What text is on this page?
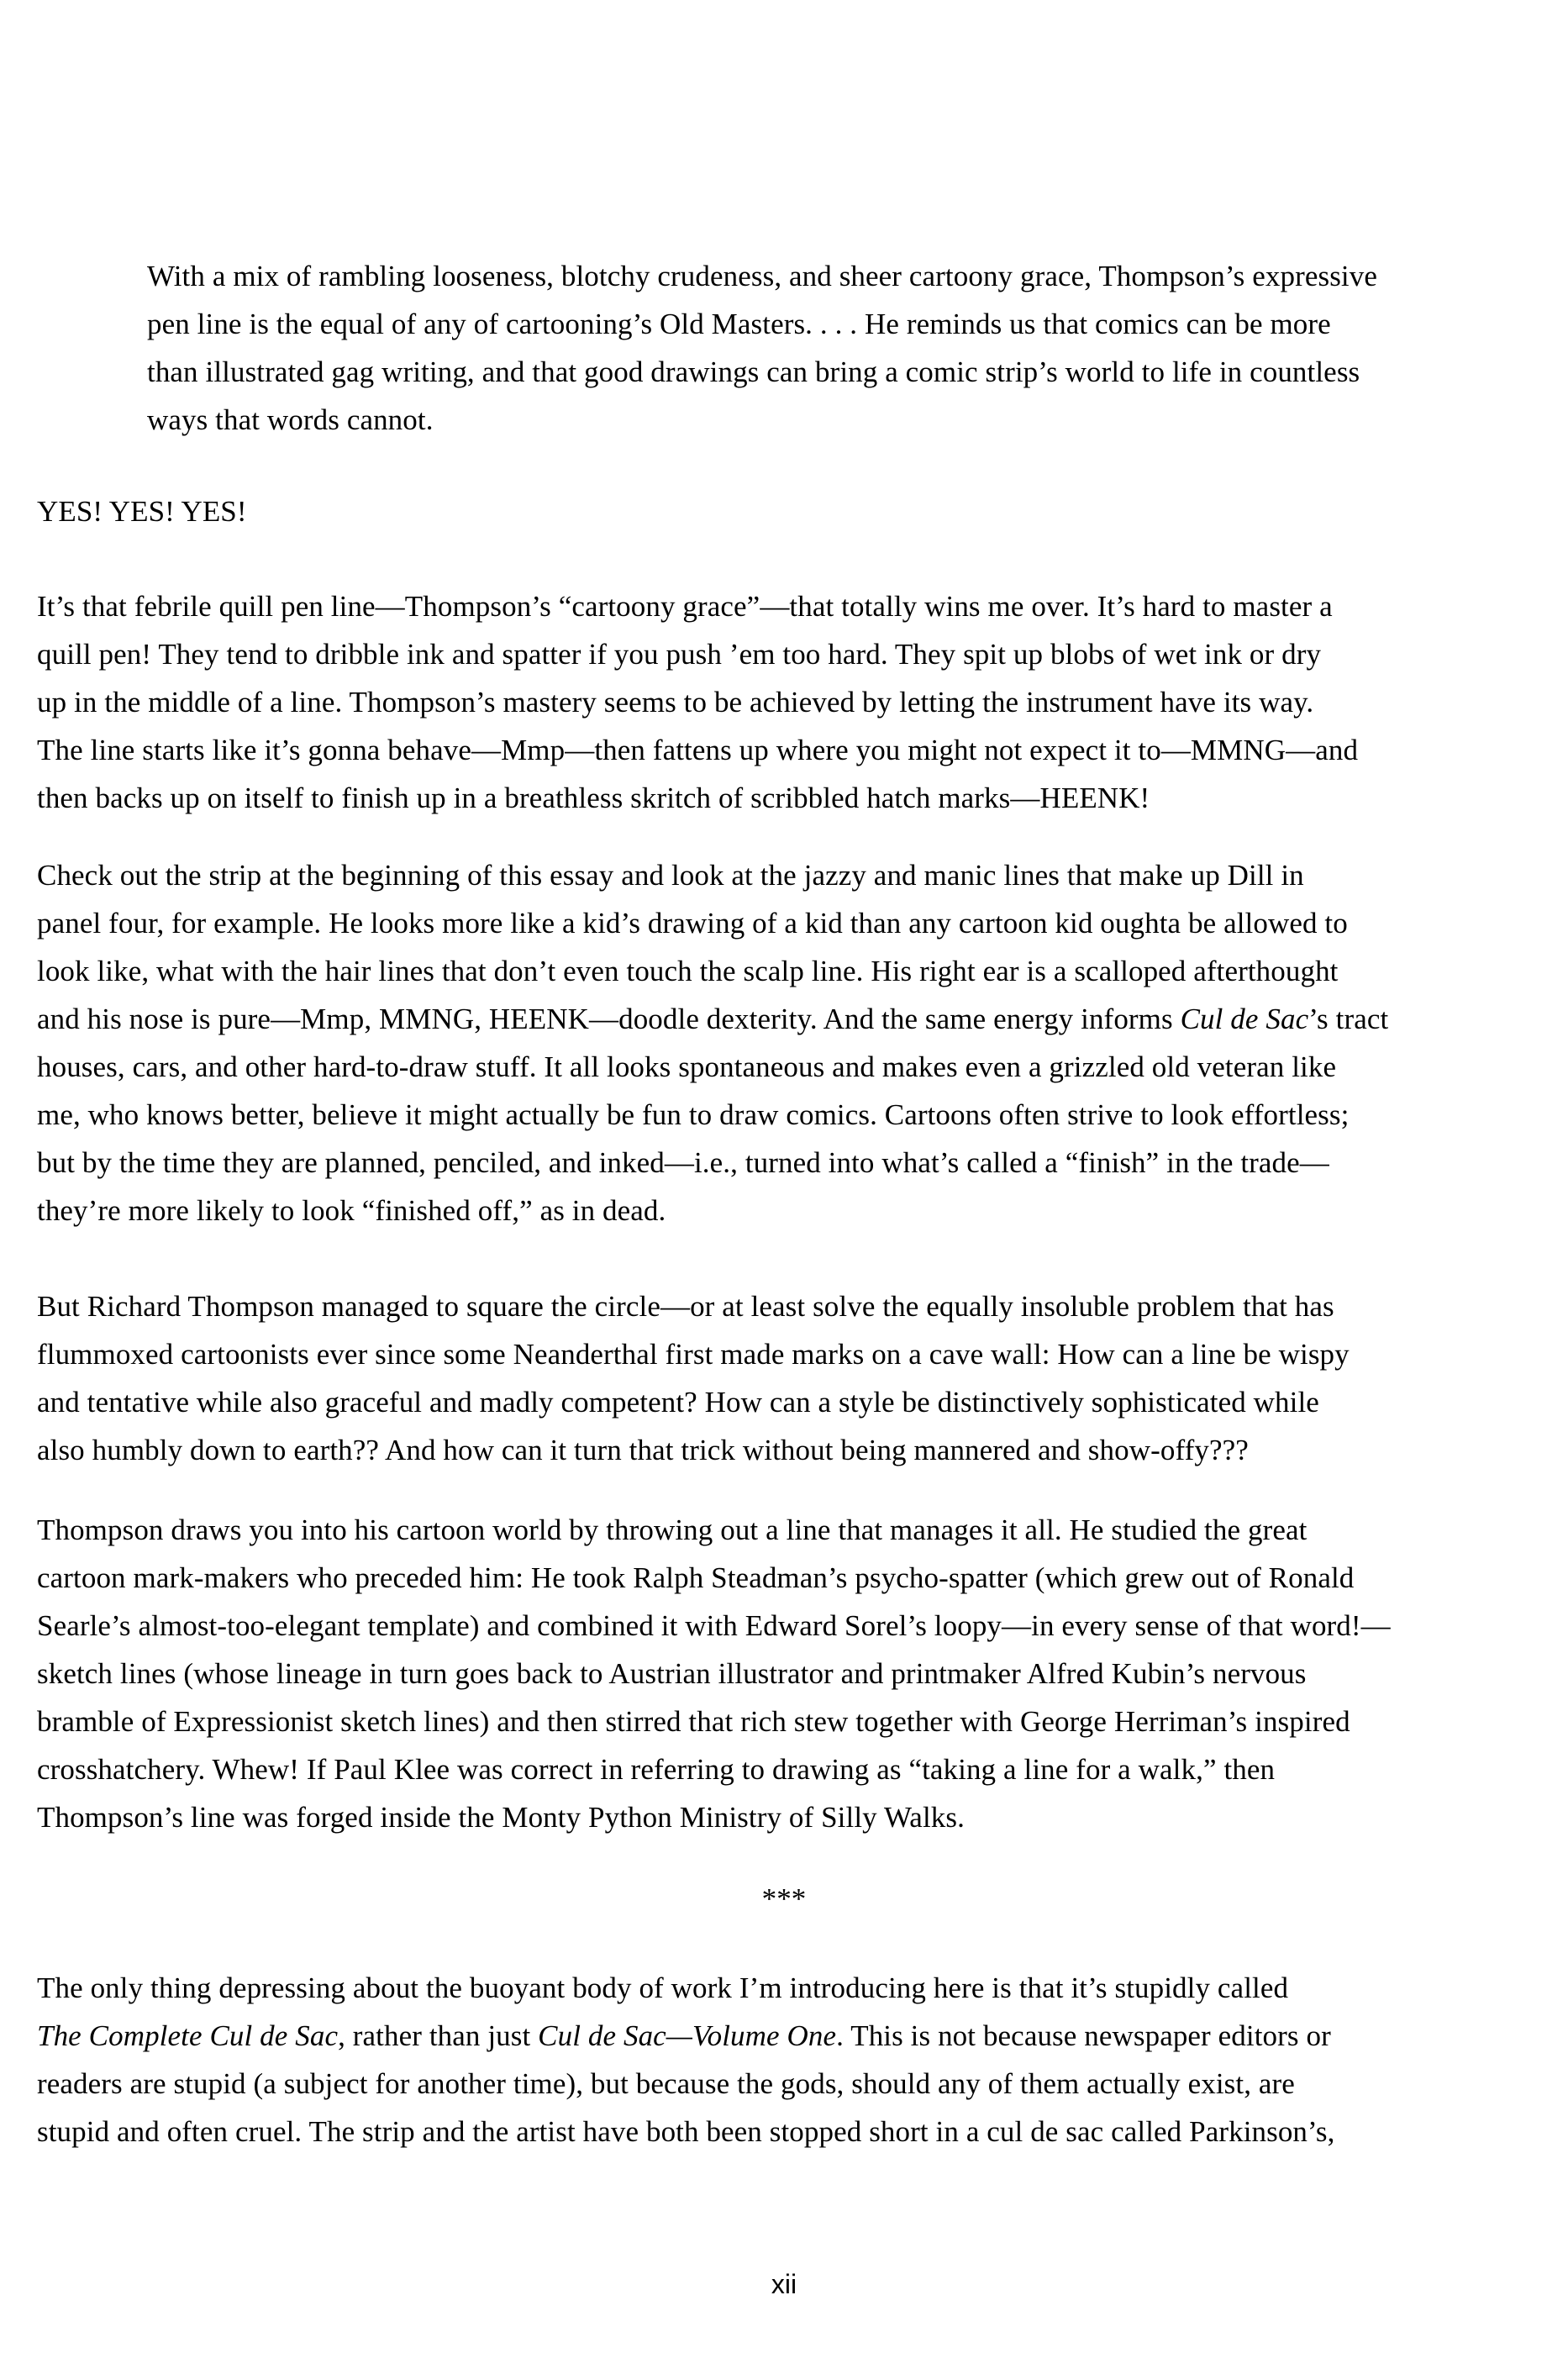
With a mix of rambling looseness, blotchy crudeness, and sheer cartoony grace, Thompson’s expressive
pen line is the equal of any of cartooning’s Old Masters. . . . He reminds us that comics can be more
than illustrated gag writing, and that good drawings can bring a comic strip’s world to life in countless
ways that words cannot.
YES! YES! YES!
It’s that febrile quill pen line—Thompson’s “cartoony grace”—that totally wins me over. It’s hard to master a
quill pen! They tend to dribble ink and spatter if you push ’em too hard. They spit up blobs of wet ink or dry
up in the middle of a line. Thompson’s mastery seems to be achieved by letting the instrument have its way.
The line starts like it’s gonna behave—Mmp—then fattens up where you might not expect it to—MMNG—and
then backs up on itself to finish up in a breathless skritch of scribbled hatch marks—HEENK!
Check out the strip at the beginning of this essay and look at the jazzy and manic lines that make up Dill in
panel four, for example. He looks more like a kid’s drawing of a kid than any cartoon kid oughta be allowed to
look like, what with the hair lines that don’t even touch the scalp line. His right ear is a scalloped afterthought
and his nose is pure—Mmp, MMNG, HEENK—doodle dexterity. And the same energy informs Cul de Sac’s tract
houses, cars, and other hard-to-draw stuff. It all looks spontaneous and makes even a grizzled old veteran like
me, who knows better, believe it might actually be fun to draw comics. Cartoons often strive to look effortless;
but by the time they are planned, penciled, and inked—i.e., turned into what’s called a “finish” in the trade—
they’re more likely to look “finished off,” as in dead.
But Richard Thompson managed to square the circle—or at least solve the equally insoluble problem that has
flummoxed cartoonists ever since some Neanderthal first made marks on a cave wall: How can a line be wispy
and tentative while also graceful and madly competent? How can a style be distinctively sophisticated while
also humbly down to earth?? And how can it turn that trick without being mannered and show-offy???
Thompson draws you into his cartoon world by throwing out a line that manages it all. He studied the great
cartoon mark-makers who preceded him: He took Ralph Steadman’s psycho-spatter (which grew out of Ronald
Searle’s almost-too-elegant template) and combined it with Edward Sorel’s loopy—in every sense of that word!—
sketch lines (whose lineage in turn goes back to Austrian illustrator and printmaker Alfred Kubin’s nervous
bramble of Expressionist sketch lines) and then stirred that rich stew together with George Herriman’s inspired
crosshatchery. Whew! If Paul Klee was correct in referring to drawing as “taking a line for a walk,” then
Thompson’s line was forged inside the Monty Python Ministry of Silly Walks.
***
The only thing depressing about the buoyant body of work I’m introducing here is that it’s stupidly called
The Complete Cul de Sac, rather than just Cul de Sac—Volume One. This is not because newspaper editors or
readers are stupid (a subject for another time), but because the gods, should any of them actually exist, are
stupid and often cruel. The strip and the artist have both been stopped short in a cul de sac called Parkinson’s,
xii
